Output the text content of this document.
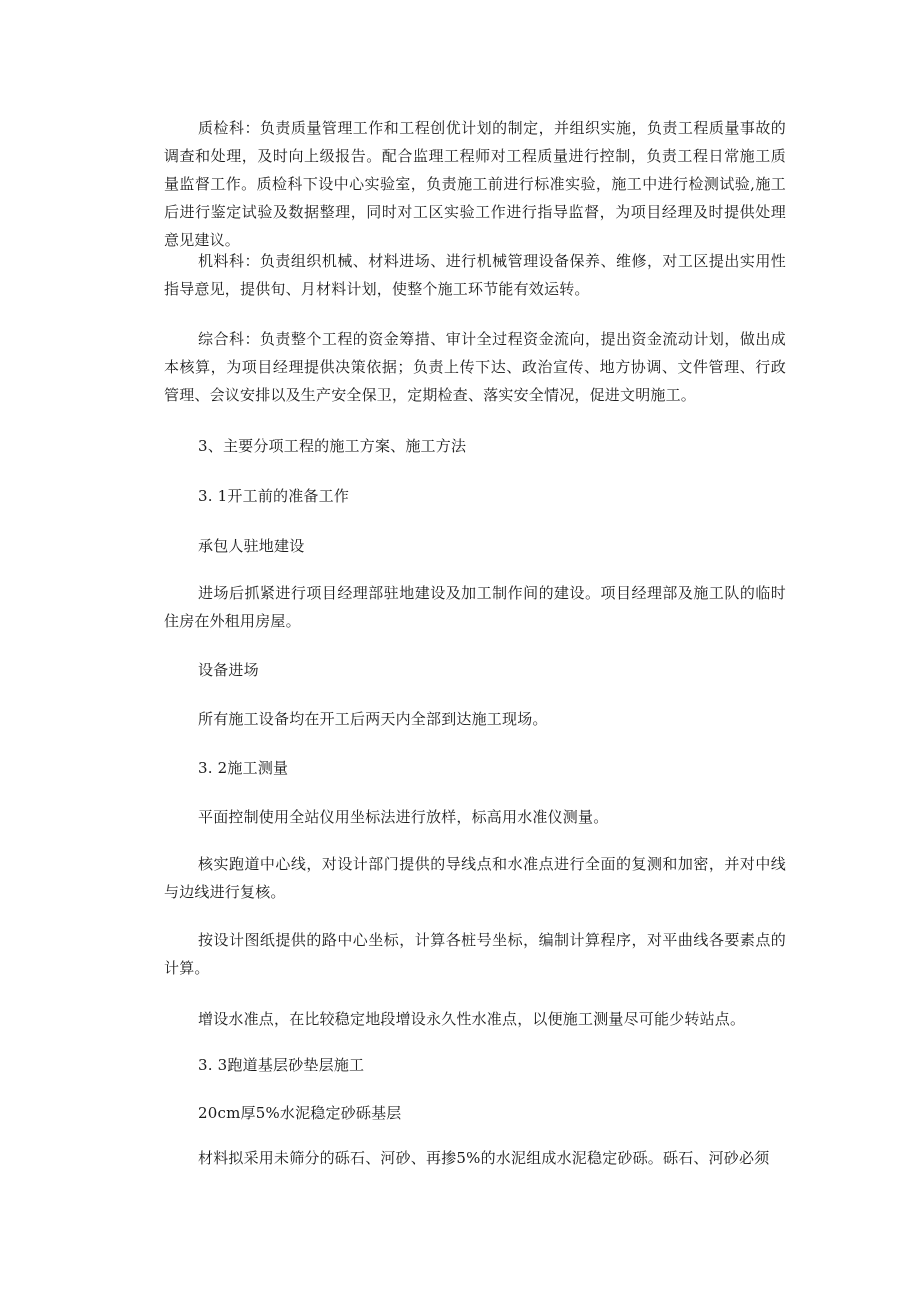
质检科：负责质量管理工作和工程创优计划的制定，并组织实施，负责工程质量事故的调查和处理，及时向上级报告。配合监理工程师对工程质量进行控制，负责工程日常施工质量监督工作。质检科下设中心实验室，负责施工前进行标准实验，施工中进行检测试验,施工后进行鉴定试验及数据整理，同时对工区实验工作进行指导监督，为项目经理及时提供处理意见建议。

机料科：负责组织机械、材料进场、进行机械管理设备保养、维修，对工区提出实用性指导意见，提供旬、月材料计划，使整个施工环节能有效运转。

综合科：负责整个工程的资金筹措、审计全过程资金流向，提出资金流动计划，做出成本核算，为项目经理提供决策依据；负责上传下达、政治宣传、地方协调、文件管理、行政管理、会议安排以及生产安全保卫，定期检查、落实安全情况，促进文明施工。

3、主要分项工程的施工方案、施工方法

3. 1开工前的准备工作

承包人驻地建设

进场后抓紧进行项目经理部驻地建设及加工制作间的建设。项目经理部及施工队的临时住房在外租用房屋。

设备进场

所有施工设备均在开工后两天内全部到达施工现场。

3. 2施工测量

平面控制使用全站仪用坐标法进行放样，标高用水准仪测量。

核实跑道中心线，对设计部门提供的导线点和水准点进行全面的复测和加密，并对中线与边线进行复核。

按设计图纸提供的路中心坐标，计算各桩号坐标，编制计算程序，对平曲线各要素点的计算。

增设水准点，在比较稳定地段增设永久性水准点，以便施工测量尽可能少转站点。

3. 3跑道基层砂垫层施工

20cm厚5%水泥稳定砂砾基层

材料拟采用未筛分的砾石、河砂、再掺5%的水泥组成水泥稳定砂砾。砾石、河砂必须
